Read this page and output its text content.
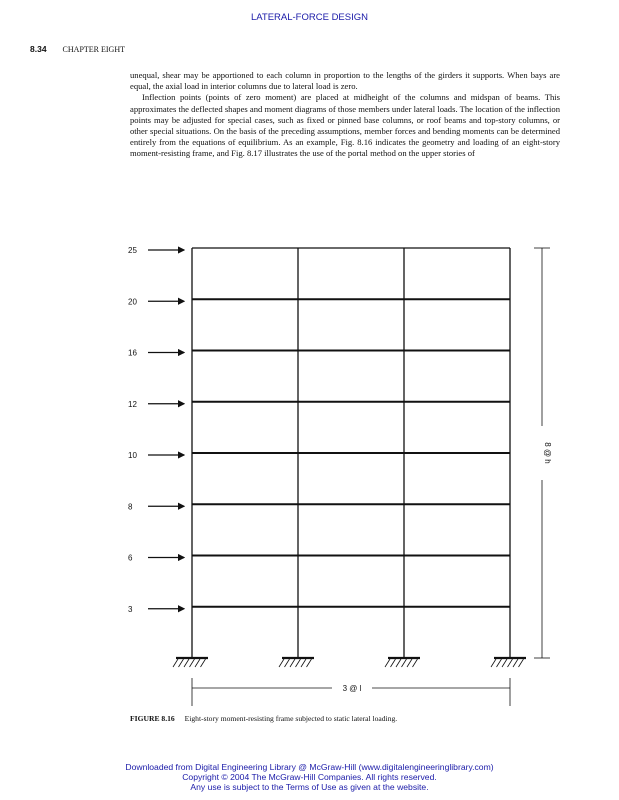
LATERAL-FORCE DESIGN
8.34 CHAPTER EIGHT

unequal, shear may be apportioned to each column in proportion to the lengths of the girders it supports. When bays are equal, the axial load in interior columns due to lateral load is zero.

Inflection points (points of zero moment) are placed at midheight of the columns and midspan of beams. This approximates the deflected shapes and moment diagrams of those members under lateral loads. The location of the inflection points may be adjusted for special cases, such as fixed or pinned base columns, or roof beams and top-story columns, or other special situations. On the basis of the preceding assumptions, member forces and bending moments can be determined entirely from the equations of equilibrium. As an example, Fig. 8.16 indicates the geometry and loading of an eight-story moment-resisting frame, and Fig. 8.17 illustrates the use of the portal method on the upper stories of

25
20
16
12
10
8
6
3
8 @ h
3 @ l
FIGURE 8.16 Eight-story moment-resisting frame subjected to static lateral loading.
Downloaded from Digital Engineering Library @ McGraw-Hill (www.digitalengineeringlibrary.com)
Copyright © 2004 The McGraw-Hill Companies. All rights reserved.
Any use is subject to the Terms of Use as given at the website.
